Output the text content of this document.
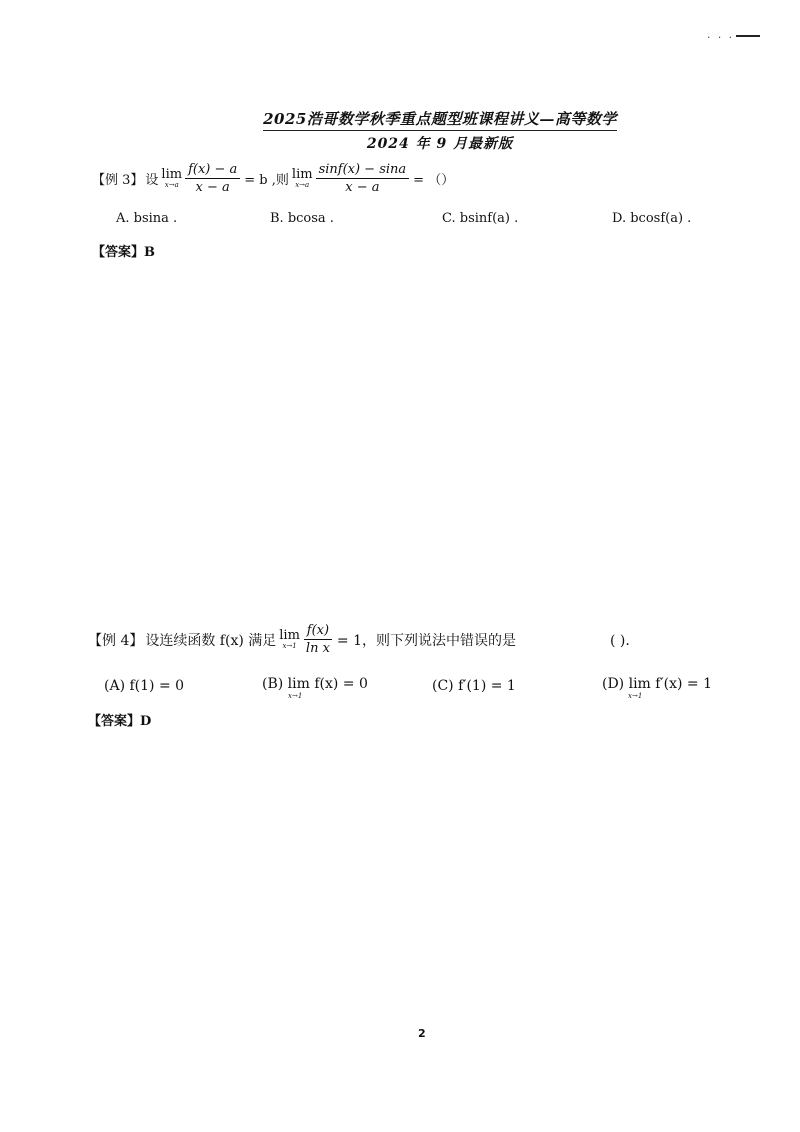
. . .
2025浩哥数学秋季重点题型班课程讲义—高等数学
2024 年 9 月最新版
【例 3】 设 lim
$x\to a \frac{f(x) - a}{x - a} = b$ ,则 lim
$x\to a \frac{\sin f(x) - \sin a}{x - a}$ = （）
A. bsina .	B. bcosa .	C. bsinf(a) .	D. bcosf(a) .
【答案】B
【例 4】 设连续函数 f(x) 满足 lim
$x\to 1 \frac{f(x)}{\text{ln x}} = 1$，则下列说法中错误的是	( ).
(A) f(1) = 0	(B) lim f(x) = 0
x→1
(C) f′(1) = 1	(D) lim f′(x) = 1
x→1
【答案】D
2
